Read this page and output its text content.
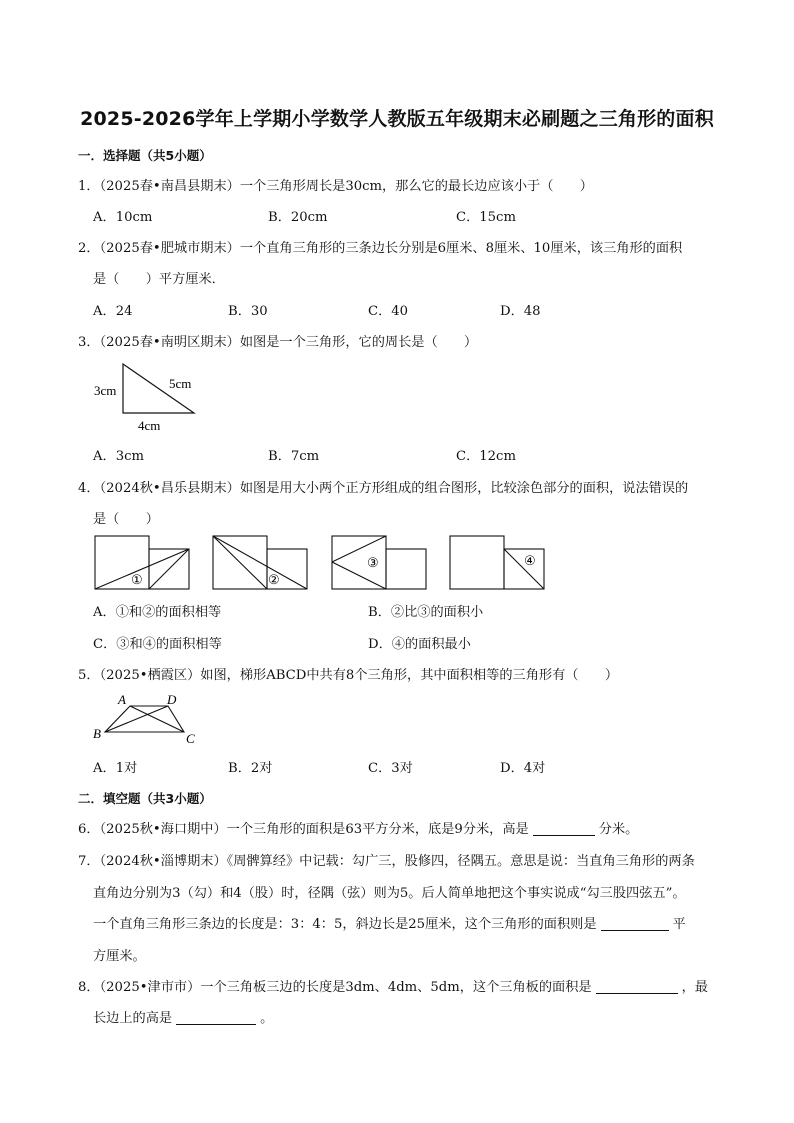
2025-2026学年上学期小学数学人教版五年级期末必刷题之三角形的面积
一．选择题（共5小题）
1．（2025春•南昌县期末）一个三角形周长是30cm，那么它的最长边应该小于（　　）
A．10cm	B．20cm	C．15cm
2．（2025春•肥城市期末）一个直角三角形的三条边长分别是6厘米、8厘米、10厘米，该三角形的面积
是（　　）平方厘米．
A．24	B．30	C．40	D．48
3．（2025春•南明区期末）如图是一个三角形，它的周长是（　　）
3cm	5cm
4cm
A．3cm	B．7cm	C．12cm
4．（2024秋•昌乐县期末）如图是用大小两个正方形组成的组合图形，比较涂色部分的面积，说法错误的
是（　　）
①	②
③	④
A．①和②的面积相等	B．②比③的面积小
C．③和④的面积相等	D．④的面积最小
5．（2025•栖霞区）如图，梯形ABCD中共有8个三角形，其中面积相等的三角形有（　　）
A	D
B	C
A．1对	B．2对	C．3对	D．4对
二．填空题（共3小题）
6．（2025秋•海口期中）一个三角形的面积是63平方分米，底是9分米，高是	分米。
7．（2024秋•淄博期末）《周髀算经》中记载：勾广三，股修四，径隅五。意思是说：当直角三角形的两条
直角边分别为3（勾）和4（股）时，径隅（弦）则为5。后人简单地把这个事实说成“勾三股四弦五”。
一个直角三角形三条边的长度是：3：4：5，斜边长是25厘米，这个三角形的面积则是	平
方厘米。
8．（2025•津市市）一个三角板三边的长度是3dm、4dm、5dm，这个三角板的面积是	，最
长边上的高是	。
